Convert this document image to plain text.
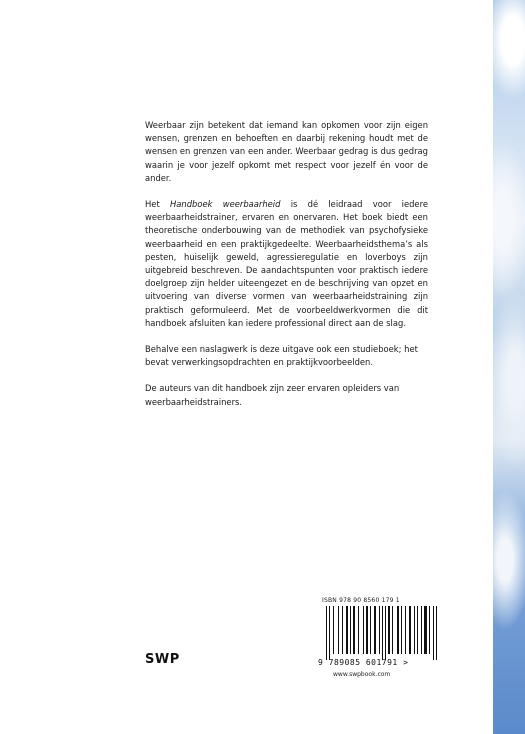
Weerbaar zijn betekent dat iemand kan opkomen voor zijn eigen wensen, grenzen en behoeften en daarbij rekening houdt met de wensen en grenzen van een ander. Weerbaar gedrag is dus gedrag waarin je voor jezelf opkomt met respect voor jezelf én voor de ander.

Het Handboek weerbaarheid is dé leidraad voor iedere weerbaarheidstrainer, ervaren en onervaren. Het boek biedt een theoretische onderbouwing van de methodiek van psychofysieke weerbaarheid en een praktijkgedeelte. Weerbaarheidsthema’s als pesten, huiselijk geweld, agressieregulatie en loverboys zijn uitgebreid beschreven. De aandachtspunten voor praktisch iedere doelgroep zijn helder uiteengezet en de beschrijving van opzet en uitvoering van diverse vormen van weerbaarheidstraining zijn praktisch geformuleerd. Met de voorbeeldwerkvormen die dit handboek afsluiten kan iedere professional direct aan de slag.

Behalve een naslagwerk is deze uitgave ook een studieboek; het bevat verwerkingsopdrachten en praktijkvoorbeelden.

De auteurs van dit handboek zijn zeer ervaren opleiders van weerbaarheidstrainers.

SWP
ISBN 978 90 8560 179 1
9 789085 601791 >
www.swpbook.com
